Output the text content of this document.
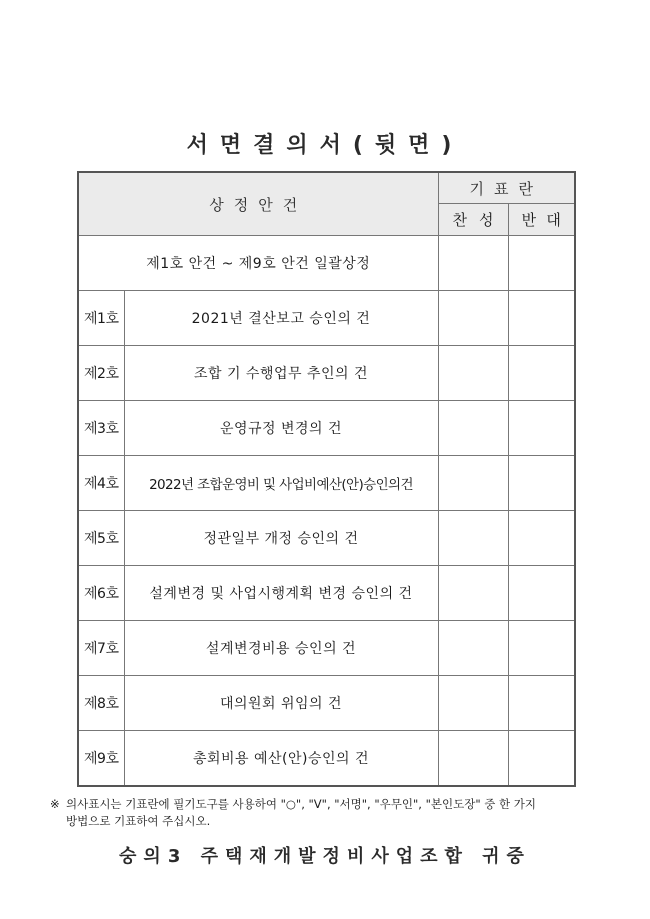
서면결의서(뒷면)
상정안건		기표란	

		찬 성	반 대

제1호 안건 ~ 제9호 안건 일괄상정			
제1호	2021년 결산보고 승인의 건		
제2호	조합 기 수행업무 추인의 건		
제3호	운영규정 변경의 건		
제4호	2022년 조합운영비 및 사업비예산(안)승인의건		
제5호	정관일부 개정 승인의 건		
제6호	설계변경 및 사업시행계획 변경 승인의 건		
제7호	설계변경비용 승인의 건		
제8호	대의원회 위임의 건		
제9호	총회비용 예산(안)승인의 건		
※ 의사표시는 기표란에 필기도구를 사용하여 "○", "V", "서명", "우무인", "본인도장" 중 한 가지
방법으로 기표하여 주십시오.
숭의3 주택재개발정비사업조합 귀중
